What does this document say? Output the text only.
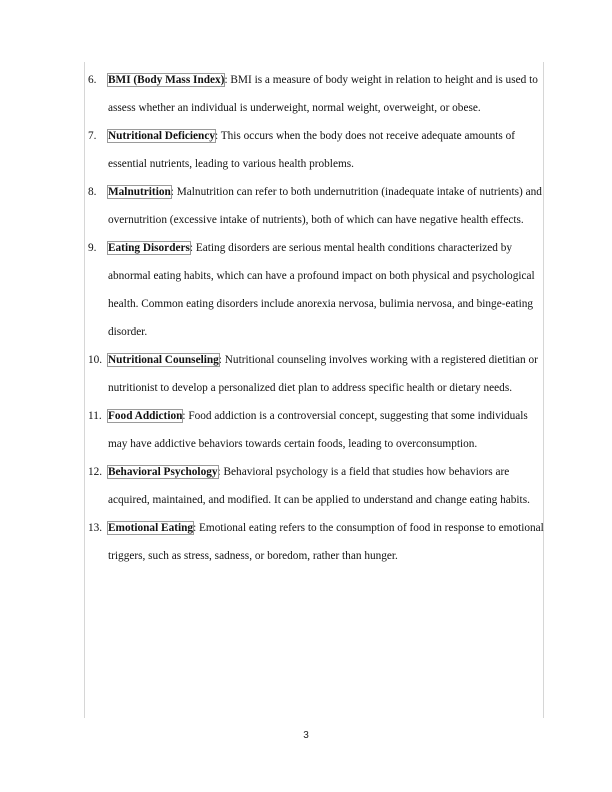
6. BMI (Body Mass Index): BMI is a measure of body weight in relation to height and is used to assess whether an individual is underweight, normal weight, overweight, or obese.
7. Nutritional Deficiency: This occurs when the body does not receive adequate amounts of essential nutrients, leading to various health problems.
8. Malnutrition: Malnutrition can refer to both undernutrition (inadequate intake of nutrients) and overnutrition (excessive intake of nutrients), both of which can have negative health effects.
9. Eating Disorders: Eating disorders are serious mental health conditions characterized by abnormal eating habits, which can have a profound impact on both physical and psychological health. Common eating disorders include anorexia nervosa, bulimia nervosa, and binge-eating disorder.
10. Nutritional Counseling: Nutritional counseling involves working with a registered dietitian or nutritionist to develop a personalized diet plan to address specific health or dietary needs.
11. Food Addiction: Food addiction is a controversial concept, suggesting that some individuals may have addictive behaviors towards certain foods, leading to overconsumption.
12. Behavioral Psychology: Behavioral psychology is a field that studies how behaviors are acquired, maintained, and modified. It can be applied to understand and change eating habits.
13. Emotional Eating: Emotional eating refers to the consumption of food in response to emotional triggers, such as stress, sadness, or boredom, rather than hunger.
3
